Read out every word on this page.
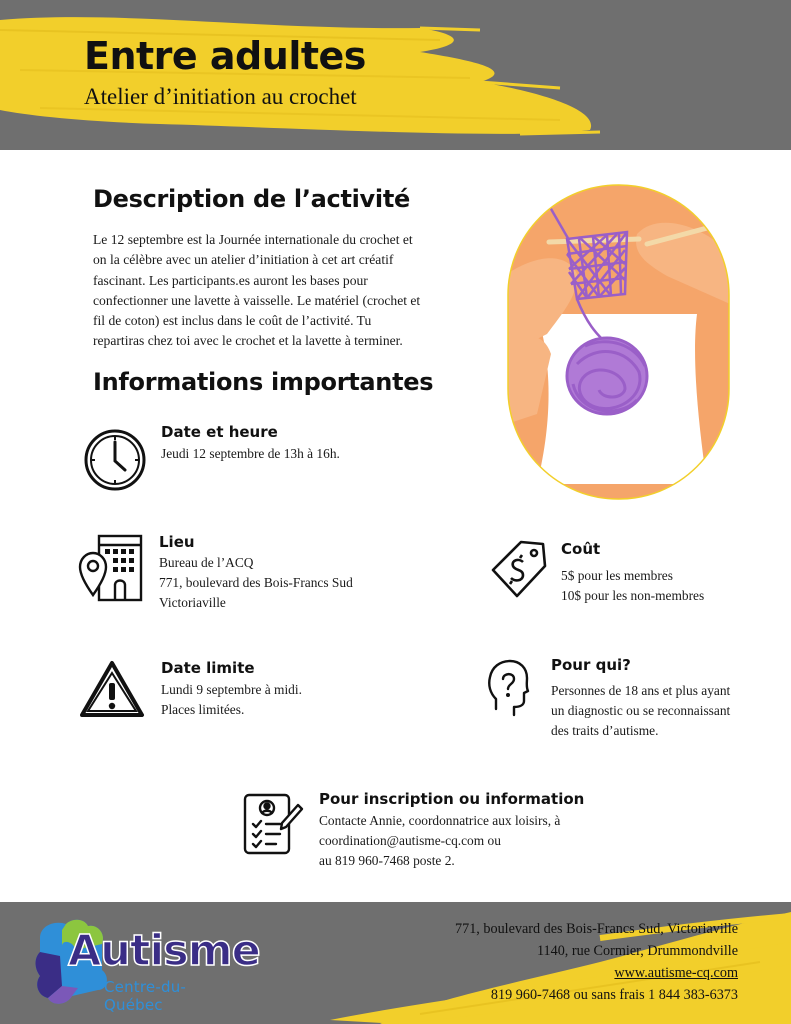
Entre adultes
Atelier d’initiation au crochet
Description de l’activité
Le 12 septembre est la Journée internationale du crochet et
on la célèbre avec un atelier d’initiation à cet art créatif
fascinant. Les participants.es auront les bases pour
confectionner une lavette à vaisselle. Le matériel (crochet et
fil de coton) est inclus dans le coût de l’activité. Tu
repartiras chez toi avec le crochet et la lavette à terminer.
Informations importantes
Date et heure
Jeudi 12 septembre de 13h à 16h.
Lieu
Bureau de l’ACQ
771, boulevard des Bois-Francs Sud
Victoriaville
Coût
5$ pour les membres
10$ pour les non-membres
Date limite
Lundi 9 septembre à midi.
Places limitées.
Pour qui?
Personnes de 18 ans et plus ayant
un diagnostic ou se reconnaissant
des traits d’autisme.
Pour inscription ou information
Contacte Annie, coordonnatrice aux loisirs, à
coordination@autisme-cq.com ou
au 819 960-7468 poste 2.
Autisme
Centre-du-Québec
771, boulevard des Bois-Francs Sud, Victoriaville
1140, rue Cormier, Drummondville
www.autisme-cq.com
819 960-7468 ou sans frais 1 844 383-6373
